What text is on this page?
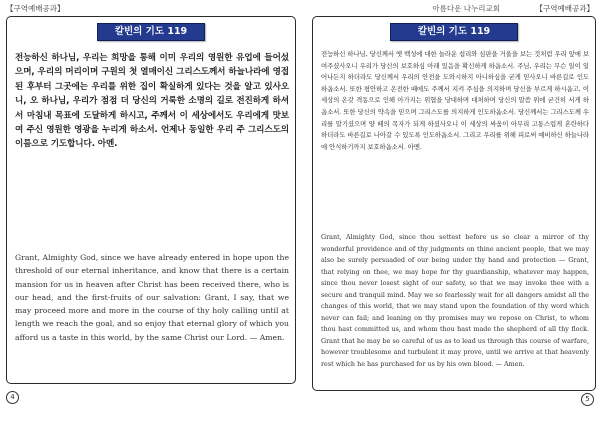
【구역예배공과】
칼빈의 기도 119

전능하신 하나님, 우리는 희망을 통해 이미 우리의 영원한 유업에 들어섰으며, 우리의 머리이며 구원의 첫 열매이신 그리스도께서 하늘나라에 영접된 후부터 그곳에는 우리를 위한 집이 확실하게 있다는 것을 알고 있사오니, 오 하나님, 우리가 점점 더 당신의 거룩한 소명의 길로 전진하게 하셔서 마침내 목표에 도달하게 하시고, 주께서 이 세상에서도 우리에게 맛보여 주신 영원한 영광을 누리게 하소서. 언제나 동일한 우리 주 그리스도의 이름으로 기도합니다. 아멘.

Grant, Almighty God, since we have already entered in hope upon the threshold of our eternal inheritance, and know that there is a certain mansion for us in heaven after Christ has been received there, who is our head, and the first-fruits of our salvation: Grant, I say, that we may proceed more and more in the course of thy holy calling until at length we reach the goal, and so enjoy that eternal glory of which you afford us a taste in this world, by the same Christ our Lord. — Amen.

4
아름다운 나누리교회	【구역예배공과】
칼빈의 기도 119

전능하신 하나님, 당신께서 옛 백성에 대한 놀라운 섭리와 심판을 거울을 보는 것처럼 우리 앞에 보여주셨사오니 우리가 당신의 보호하심 아래 있음을 확신하게 하옵소서. 주님, 우리는 무슨 일이 일어나든지 하더라도 당신께서 우리의 안전을 도와시하지 아니하심을 굳게 믿사오니 바른길로 인도하옵소서. 또한 평안하고 온전한 때에도 주께서 지켜 주심을 의지하며 당신을 부르게 하시옵고, 이 세상의 온갖 격동으로 인해 아가지는 위협을 당대하며 대처하며 당신의 말씀 위에 굳건히 서게 하옵소서. 또한 당신의 약속을 믿으며 그리스도를 의지하게 인도하옵소서. 당신께서는 그리스도께 우리를 말기셨으며 양 떼의 목자가 되게 하셨사오니 이 세상의 싸움이 아무리 고통스럽게 혼란하다 하더라도 바른길로 나아갈 수 있도록 인도하옵소서. 그리고 우리를 위해 피로써 예비하신 하늘나라에 안식하기까지 보호하옵소서. 아멘.

Grant, Almighty God, since thou settest before us so clear a mirror of thy wonderful providence and of thy judgments on thine ancient people, that we may also be surely persuaded of our being under thy hand and protection — Grant, that relying on thee, we may hope for thy guardianship, whatever may happen, since thou never losest sight of our safety, so that we may invoke thee with a secure and tranquil mind. May we so fearlessly wait for all dangers amidst all the changes of this world, that we may stand upon the foundation of thy word which never can fail; and leaning on thy promises may we repose on Christ, to whom thou hast committed us, and whom thou hast made the shepherd of all thy flock. Grant that he may be so careful of us as to lead us through this course of warfare, however troublesome and turbulent it may prove, until we arrive at that heavenly rest which he has purchased for us by his own blood. — Amen.

5
